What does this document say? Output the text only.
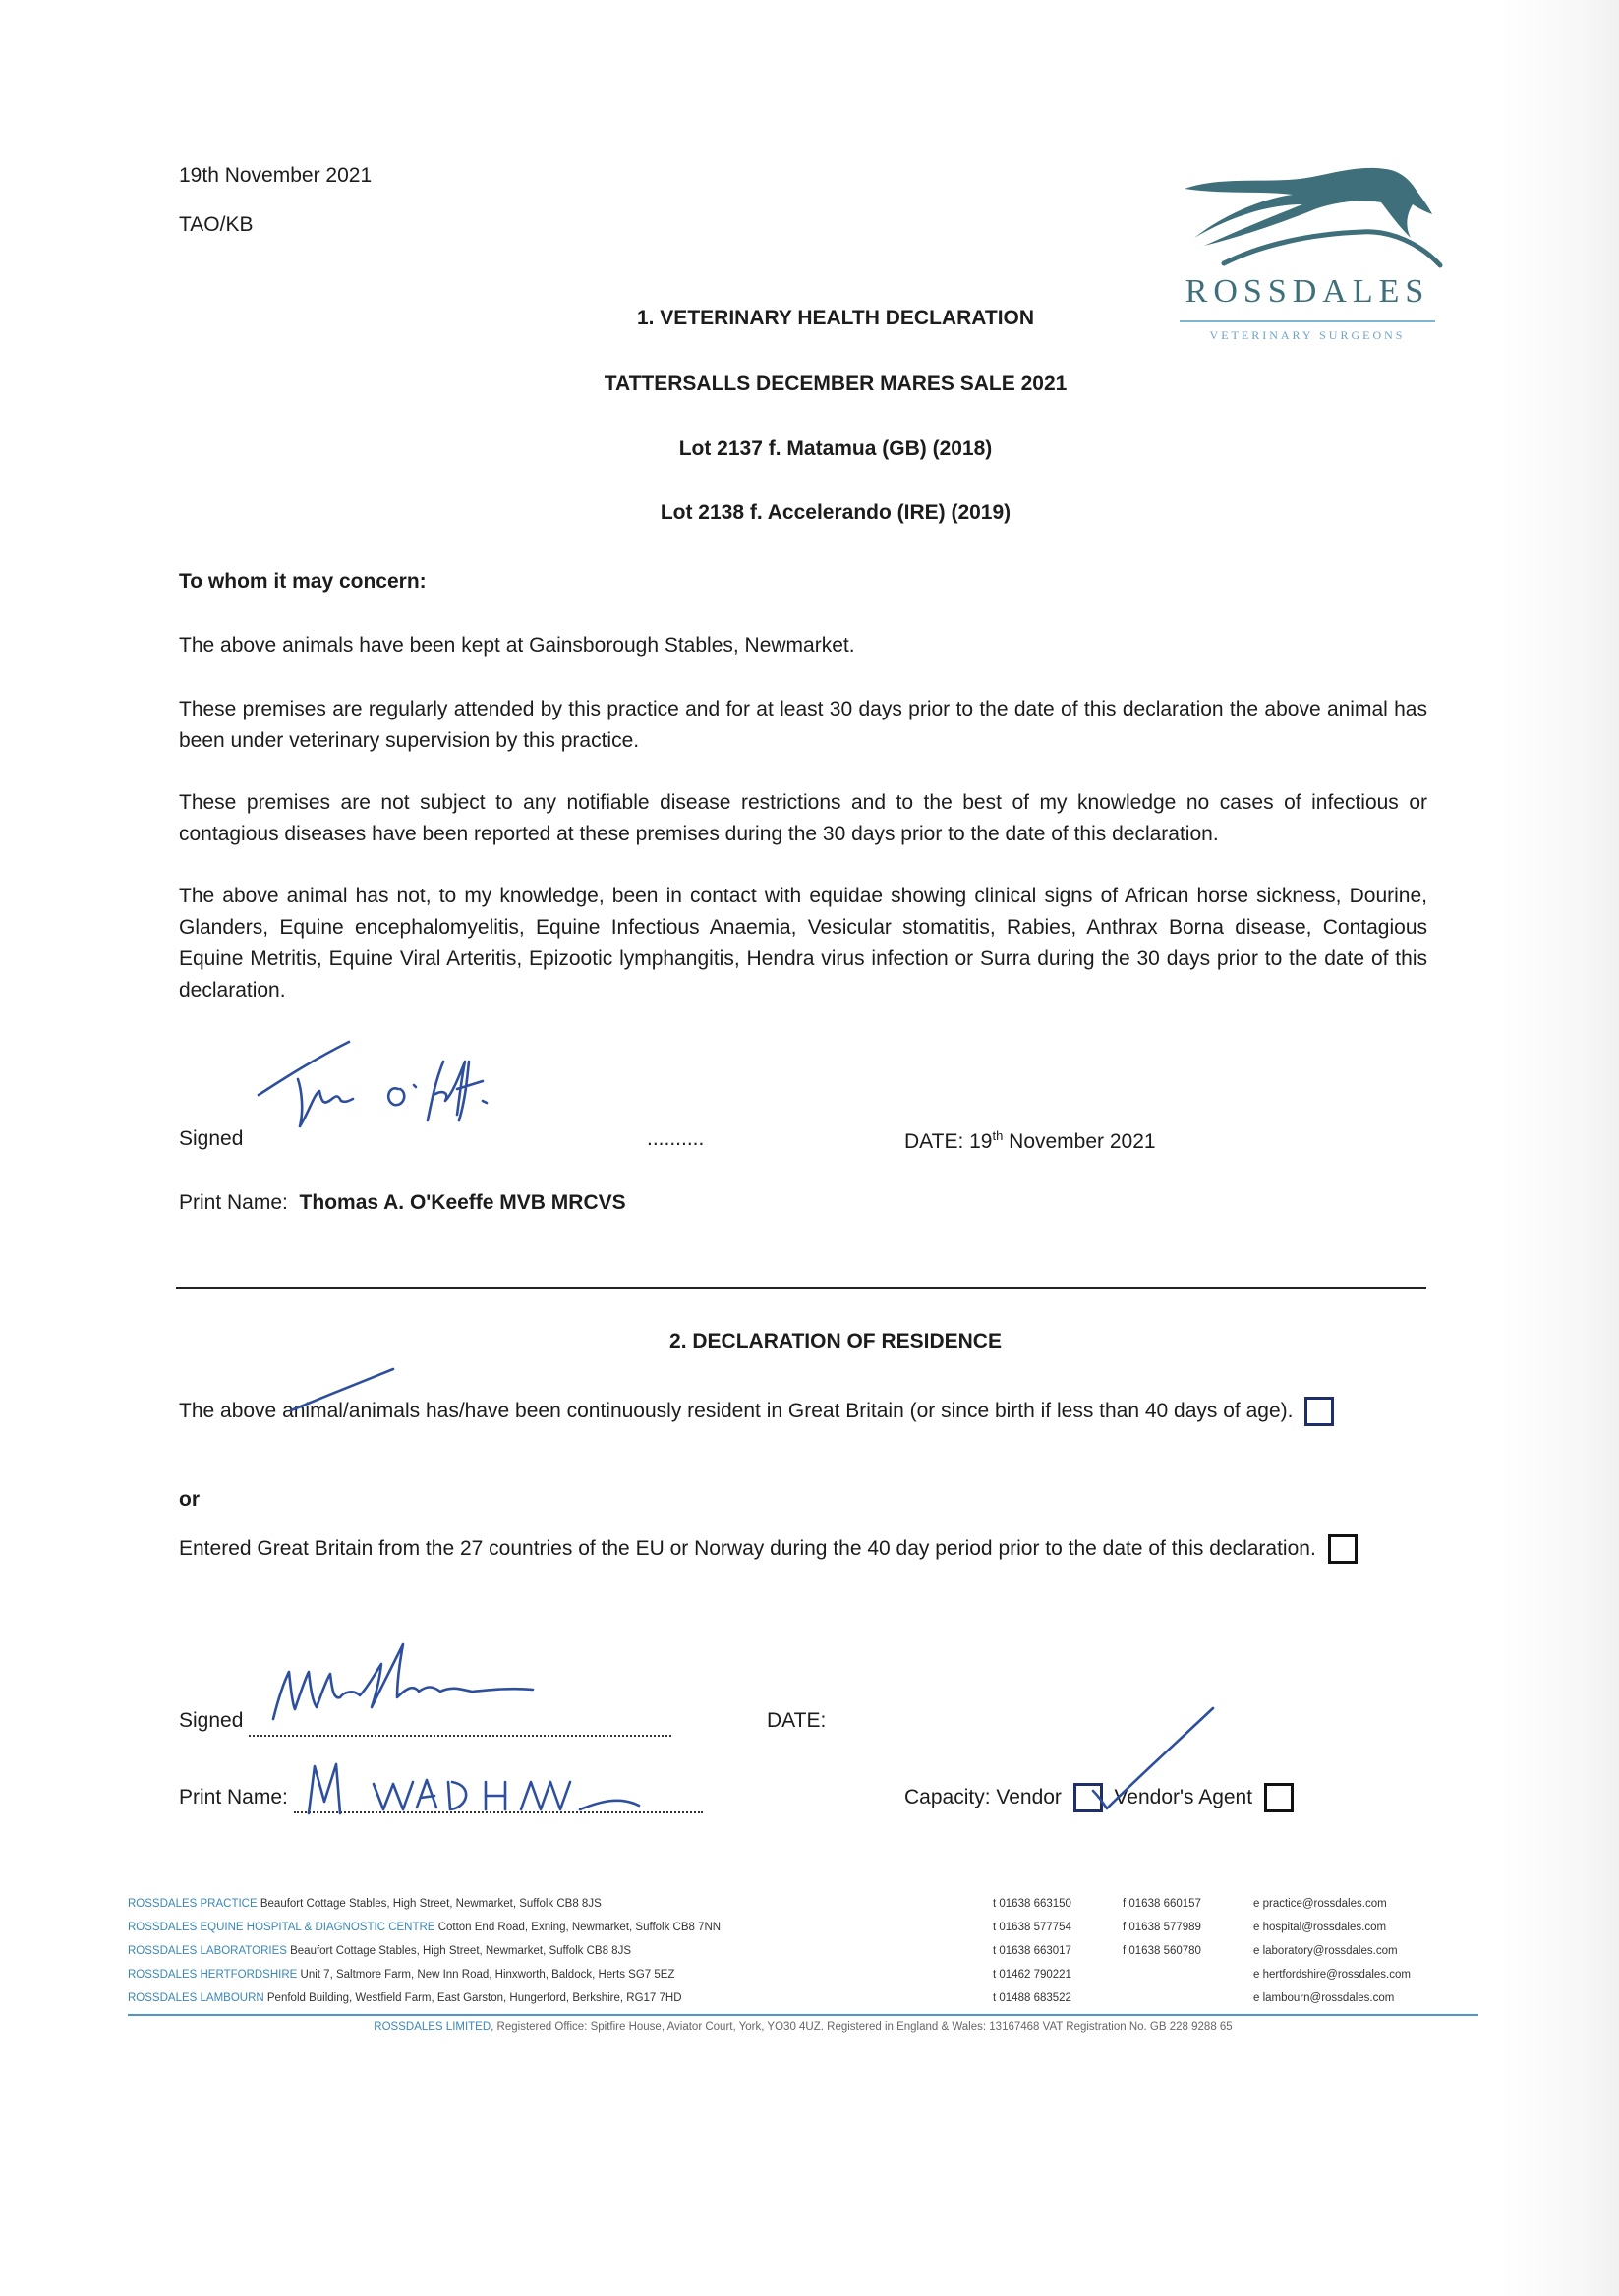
19th November 2021
TAO/KB
ROSSDALES
VETERINARY SURGEONS
1. VETERINARY HEALTH DECLARATION
TATTERSALLS DECEMBER MARES SALE 2021
Lot 2137 f. Matamua (GB) (2018)
Lot 2138 f. Accelerando (IRE) (2019)
To whom it may concern:
The above animals have been kept at Gainsborough Stables, Newmarket.
These premises are regularly attended by this practice and for at least 30 days prior to the date of this declaration the above animal has been under veterinary supervision by this practice.
These premises are not subject to any notifiable disease restrictions and to the best of my knowledge no cases of infectious or contagious diseases have been reported at these premises during the 30 days prior to the date of this declaration.
The above animal has not, to my knowledge, been in contact with equidae showing clinical signs of African horse sickness, Dourine, Glanders, Equine encephalomyelitis, Equine Infectious Anaemia, Vesicular stomatitis, Rabies, Anthrax Borna disease, Contagious Equine Metritis, Equine Viral Arteritis, Epizootic lymphangitis, Hendra virus infection or Surra during the 30 days prior to the date of this declaration.
Signed	..........	DATE: 19th November 2021
Print Name: Thomas A. O'Keeffe MVB MRCVS
2. DECLARATION OF RESIDENCE
The above animal/animals has/have been continuously resident in Great Britain (or since birth if less than 40 days of age).
or
Entered Great Britain from the 27 countries of the EU or Norway during the 40 day period prior to the date of this declaration.
Signed	DATE:
Print Name:	Capacity: Vendor	Vendor's Agent
ROSSDALES PRACTICE Beaufort Cottage Stables, High Street, Newmarket, Suffolk CB8 8JS	t 01638 663150	f 01638 660157	e practice@rossdales.com
ROSSDALES EQUINE HOSPITAL & DIAGNOSTIC CENTRE Cotton End Road, Exning, Newmarket, Suffolk CB8 7NN	t 01638 577754	f 01638 577989	e hospital@rossdales.com
ROSSDALES LABORATORIES Beaufort Cottage Stables, High Street, Newmarket, Suffolk CB8 8JS	t 01638 663017	f 01638 560780	e laboratory@rossdales.com
ROSSDALES HERTFORDSHIRE Unit 7, Saltmore Farm, New Inn Road, Hinxworth, Baldock, Herts SG7 5EZ	t 01462 790221	e hertfordshire@rossdales.com
ROSSDALES LAMBOURN Penfold Building, Westfield Farm, East Garston, Hungerford, Berkshire, RG17 7HD	t 01488 683522	e lambourn@rossdales.com
ROSSDALES LIMITED, Registered Office: Spitfire House, Aviator Court, York, YO30 4UZ. Registered in England & Wales: 13167468 VAT Registration No. GB 228 9288 65
